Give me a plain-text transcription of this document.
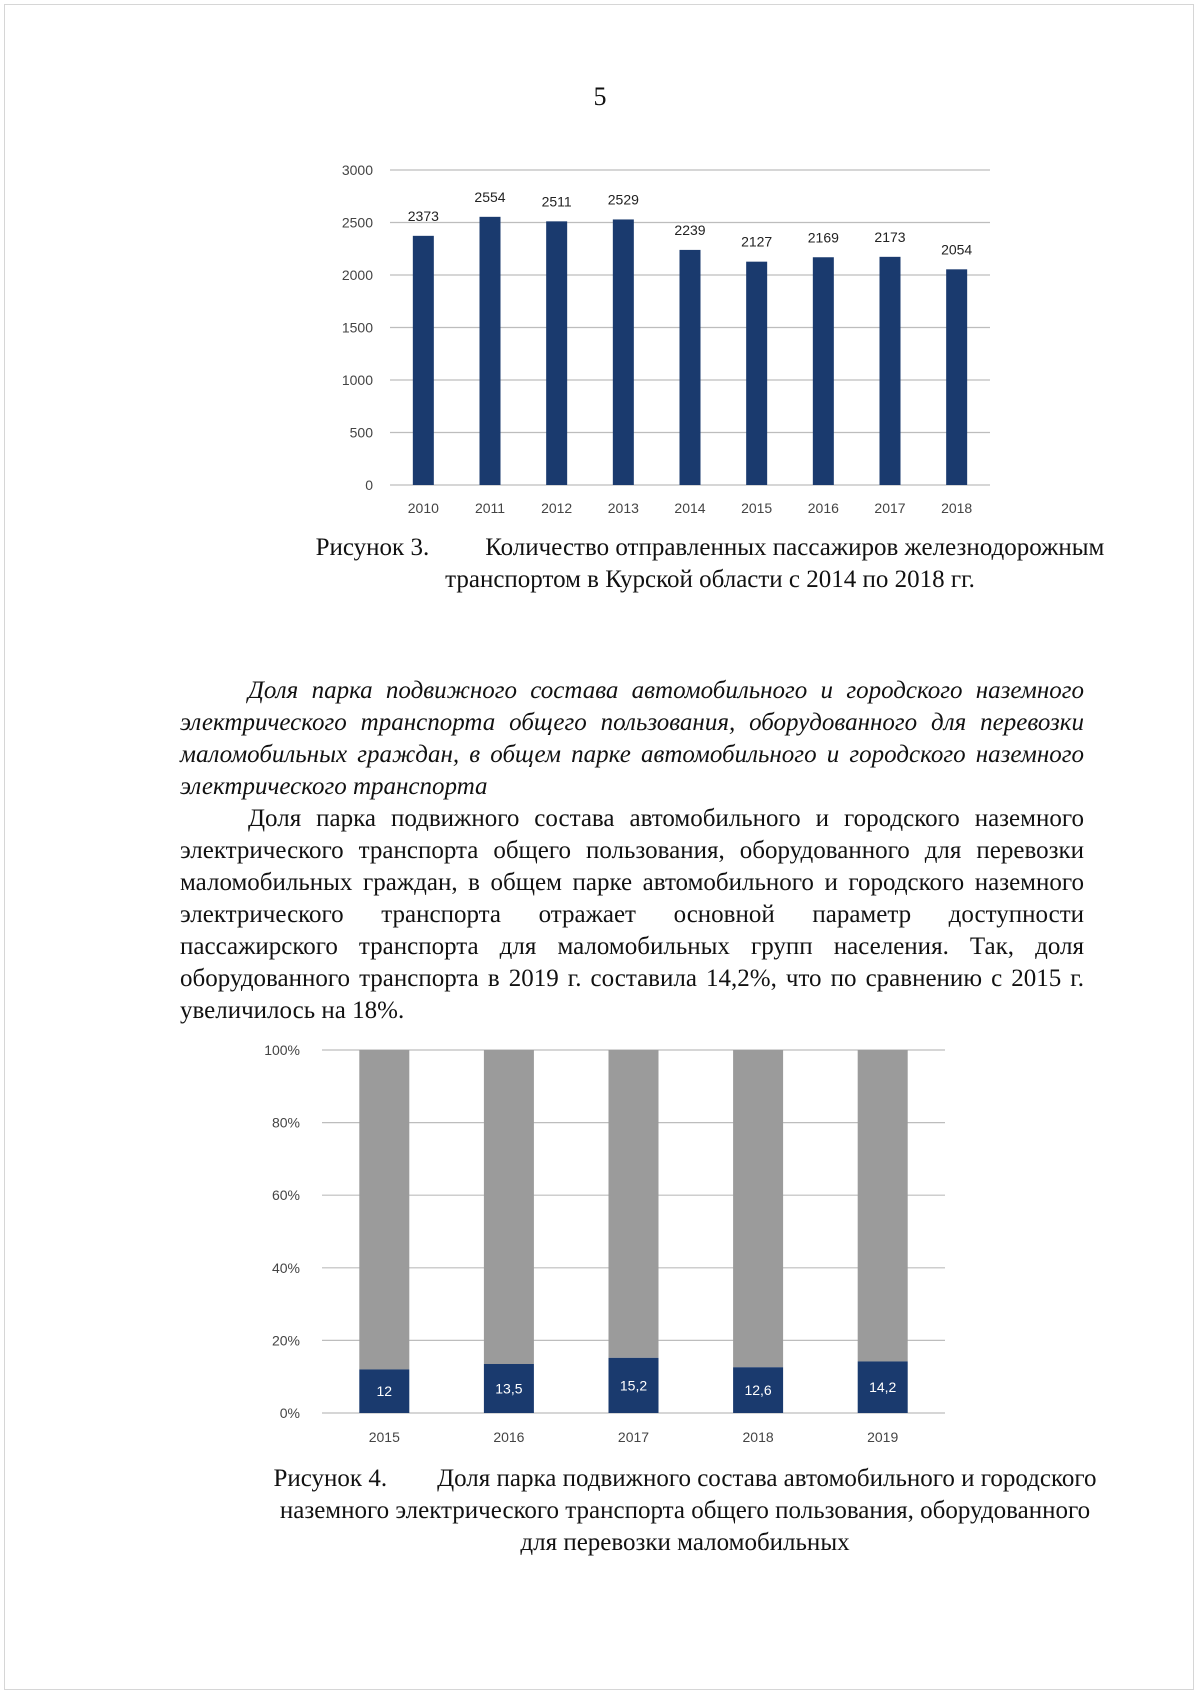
5
0
500
1000
1500
2000
2500
3000
2373
2010
2554
2011
2511
2012
2529
2013
2239
2014
2127
2015
2169
2016
2173
2017
2054
2018
Рисунок 3. Количество отправленных пассажиров железнодорожным транспортом в Курской области с 2014 по 2018 гг.
Доля парка подвижного состава автомобильного и городского наземного электрического транспорта общего пользования, оборудованного для перевозки маломобильных граждан, в общем парке автомобильного и городского наземного электрического транспорта
Доля парка подвижного состава автомобильного и городского наземного электрического транспорта общего пользования, оборудованного для перевозки маломобильных граждан, в общем парке автомобильного и городского наземного электрического транспорта отражает основной параметр доступности пассажирского транспорта для маломобильных групп населения. Так, доля оборудованного транспорта в 2019 г. составила 14,2%, что по сравнению с 2015 г. увеличилось на 18%.
0%
20%
40%
60%
80%
100%
12
2015
13,5
2016
15,2
2017
12,6
2018
14,2
2019
Рисунок 4. Доля парка подвижного состава автомобильного и городского наземного электрического транспорта общего пользования, оборудованного для перевозки маломобильных
